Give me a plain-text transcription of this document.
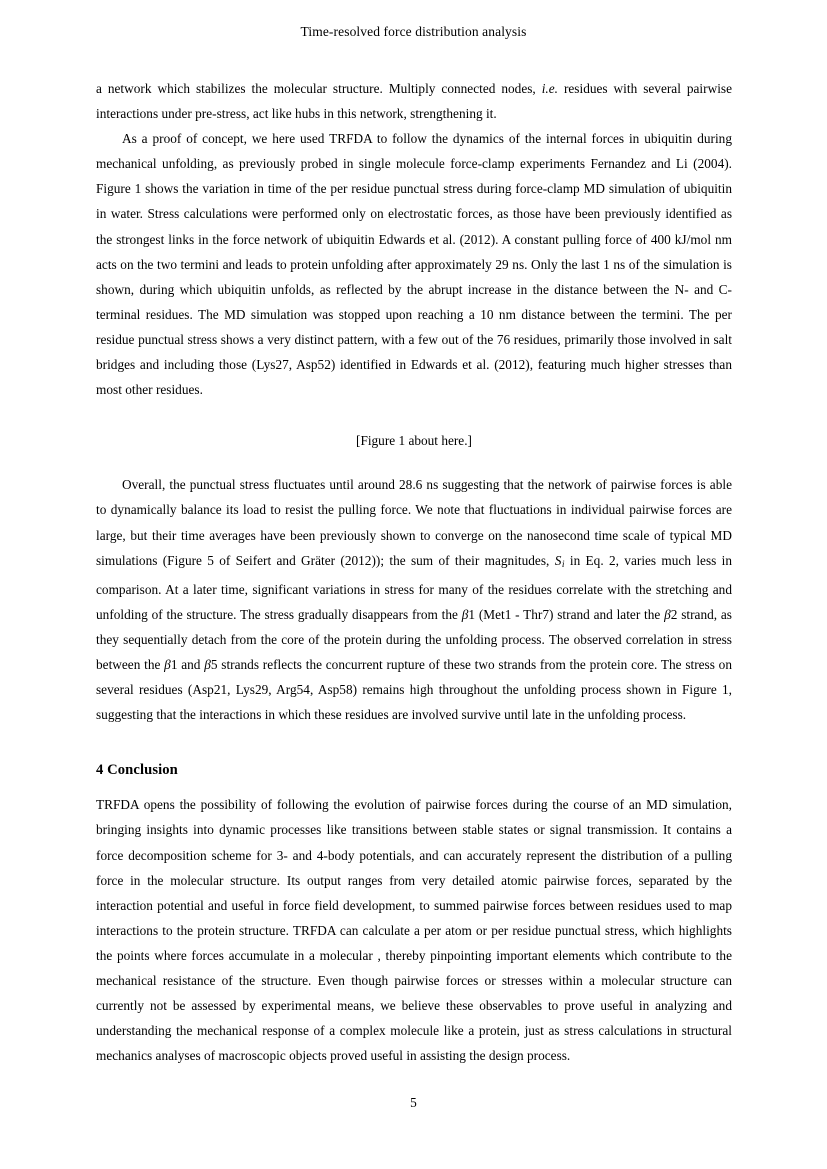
Time-resolved force distribution analysis

a network which stabilizes the molecular structure. Multiply connected nodes, i.e. residues with several pairwise interactions under pre-stress, act like hubs in this network, strengthening it.

As a proof of concept, we here used TRFDA to follow the dynamics of the internal forces in ubiquitin during mechanical unfolding, as previously probed in single molecule force-clamp experiments Fernandez and Li (2004). Figure 1 shows the variation in time of the per residue punctual stress during force-clamp MD simulation of ubiquitin in water. Stress calculations were performed only on electrostatic forces, as those have been previously identified as the strongest links in the force network of ubiquitin Edwards et al. (2012). A constant pulling force of 400 kJ/mol nm acts on the two termini and leads to protein unfolding after approximately 29 ns. Only the last 1 ns of the simulation is shown, during which ubiquitin unfolds, as reflected by the abrupt increase in the distance between the N- and C-terminal residues. The MD simulation was stopped upon reaching a 10 nm distance between the termini. The per residue punctual stress shows a very distinct pattern, with a few out of the 76 residues, primarily those involved in salt bridges and including those (Lys27, Asp52) identified in Edwards et al. (2012), featuring much higher stresses than most other residues.

[Figure 1 about here.]

Overall, the punctual stress fluctuates until around 28.6 ns suggesting that the network of pairwise forces is able to dynamically balance its load to resist the pulling force. We note that fluctuations in individual pairwise forces are large, but their time averages have been previously shown to converge on the nanosecond time scale of typical MD simulations (Figure 5 of Seifert and Gräter (2012)); the sum of their magnitudes, $S_i$ in Eq. 2, varies much less in comparison. At a later time, significant variations in stress for many of the residues correlate with the stretching and unfolding of the structure. The stress gradually disappears from the β1 (Met1 - Thr7) strand and later the β2 strand, as they sequentially detach from the core of the protein during the unfolding process. The observed correlation in stress between the β1 and β5 strands reflects the concurrent rupture of these two strands from the protein core. The stress on several residues (Asp21, Lys29, Arg54, Asp58) remains high throughout the unfolding process shown in Figure 1, suggesting that the interactions in which these residues are involved survive until late in the unfolding process.

4 Conclusion

TRFDA opens the possibility of following the evolution of pairwise forces during the course of an MD simulation, bringing insights into dynamic processes like transitions between stable states or signal transmission. It contains a force decomposition scheme for 3- and 4-body potentials, and can accurately represent the distribution of a pulling force in the molecular structure. Its output ranges from very detailed atomic pairwise forces, separated by the interaction potential and useful in force field development, to summed pairwise forces between residues used to map interactions to the protein structure. TRFDA can calculate a per atom or per residue punctual stress, which highlights the points where forces accumulate in a molecular , thereby pinpointing important elements which contribute to the mechanical resistance of the structure. Even though pairwise forces or stresses within a molecular structure can currently not be assessed by experimental means, we believe these observables to prove useful in analyzing and understanding the mechanical response of a complex molecule like a protein, just as stress calculations in structural mechanics analyses of macroscopic objects proved useful in assisting the design process.

5
